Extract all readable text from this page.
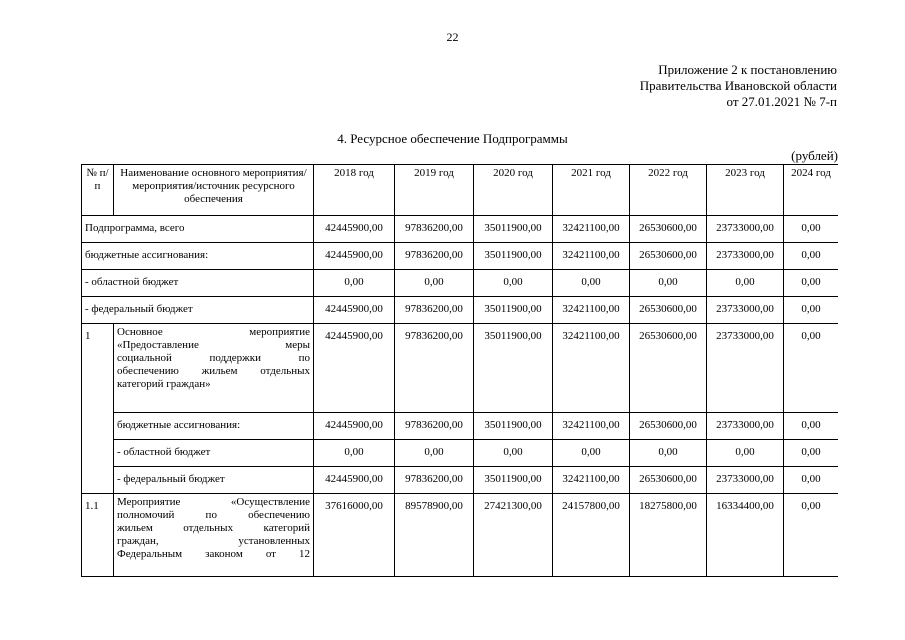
22
Приложение 2 к постановлению
Правительства Ивановской области
от 27.01.2021 № 7-п
4. Ресурсное обеспечение Подпрограммы
(рублей)
№ п/п	Наименование основного мероприятия/мероприятия/источник ресурсного обеспечения	2018 год	2019 год	2020 год	2021 год	2022 год	2023 год	2024 год
Подпрограмма, всего		42445900,00	97836200,00	35011900,00	32421100,00	26530600,00	23733000,00	0,00
бюджетные ассигнования:		42445900,00	97836200,00	35011900,00	32421100,00	26530600,00	23733000,00	0,00
- областной бюджет		0,00	0,00	0,00	0,00	0,00	0,00	0,00
- федеральный бюджет		42445900,00	97836200,00	35011900,00	32421100,00	26530600,00	23733000,00	0,00
1	Основное мероприятие
«Предоставление меры
социальной поддержки по
обеспечению жильем отдельных
категорий граждан»	42445900,00	97836200,00	35011900,00	32421100,00	26530600,00	23733000,00	0,00
	бюджетные ассигнования:	42445900,00	97836200,00	35011900,00	32421100,00	26530600,00	23733000,00	0,00
	- областной бюджет	0,00	0,00	0,00	0,00	0,00	0,00	0,00
	- федеральный бюджет	42445900,00	97836200,00	35011900,00	32421100,00	26530600,00	23733000,00	0,00
1.1	Мероприятие «Осуществление
полномочий по обеспечению
жильем отдельных категорий
граждан, установленных
Федеральным законом от 12	37616000,00	89578900,00	27421300,00	24157800,00	18275800,00	16334400,00	0,00
